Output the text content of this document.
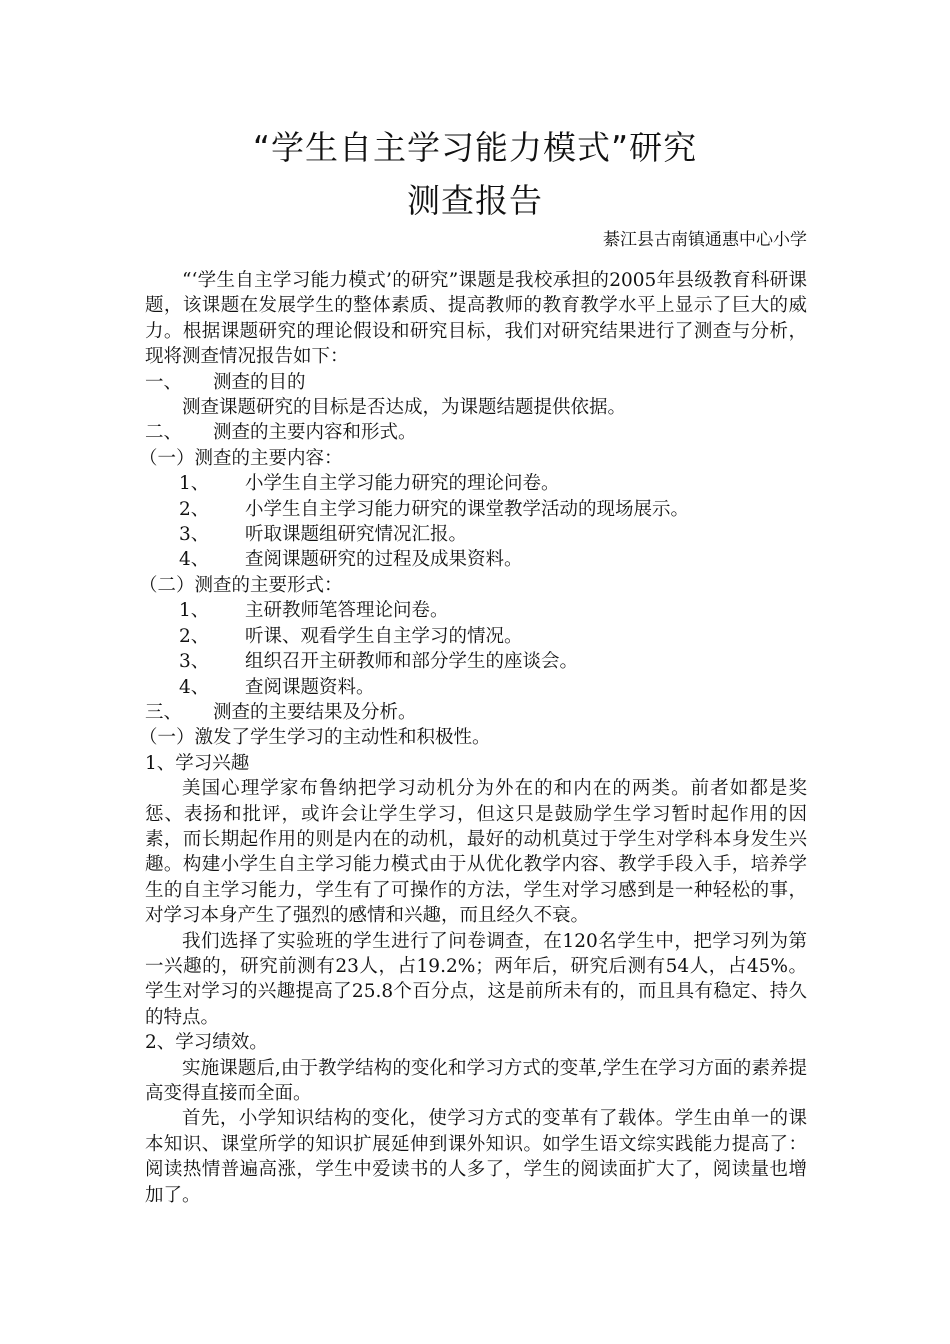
“学生自主学习能力模式”研究
测查报告
綦江县古南镇通惠中心小学

“‘学生自主学习能力模式’的研究”课题是我校承担的2005年县级教育科研课题，该课题在发展学生的整体素质、提高教师的教育教学水平上显示了巨大的威力。根据课题研究的理论假设和研究目标，我们对研究结果进行了测查与分析，现将测查情况报告如下：

一、	测查的目的

测查课题研究的目标是否达成，为课题结题提供依据。

二、	测查的主要内容和形式。

（一）测查的主要内容：

1、	小学生自主学习能力研究的理论问卷。
2、	小学生自主学习能力研究的课堂教学活动的现场展示。
3、	听取课题组研究情况汇报。
4、	查阅课题研究的过程及成果资料。

（二）测查的主要形式：

1、	主研教师笔答理论问卷。
2、	听课、观看学生自主学习的情况。
3、	组织召开主研教师和部分学生的座谈会。
4、	查阅课题资料。
三、	测查的主要结果及分析。

（一）激发了学生学习的主动性和积极性。

1、学习兴趣

美国心理学家布鲁纳把学习动机分为外在的和内在的两类。前者如都是奖惩、表扬和批评，或许会让学生学习，但这只是鼓励学生学习暂时起作用的因素，而长期起作用的则是内在的动机，最好的动机莫过于学生对学科本身发生兴趣。构建小学生自主学习能力模式由于从优化教学内容、教学手段入手，培养学生的自主学习能力，学生有了可操作的方法，学生对学习感到是一种轻松的事，对学习本身产生了强烈的感情和兴趣，而且经久不衰。

我们选择了实验班的学生进行了问卷调查，在120名学生中，把学习列为第一兴趣的，研究前测有23人，占19.2%；两年后，研究后测有54人，占45%。学生对学习的兴趣提高了25.8个百分点，这是前所未有的，而且具有稳定、持久的特点。

2、学习绩效。

实施课题后,由于教学结构的变化和学习方式的变革,学生在学习方面的素养提高变得直接而全面。

首先，小学知识结构的变化，使学习方式的变革有了载体。学生由单一的课本知识、课堂所学的知识扩展延伸到课外知识。如学生语文综实践能力提高了：阅读热情普遍高涨，学生中爱读书的人多了，学生的阅读面扩大了，阅读量也增加了。
